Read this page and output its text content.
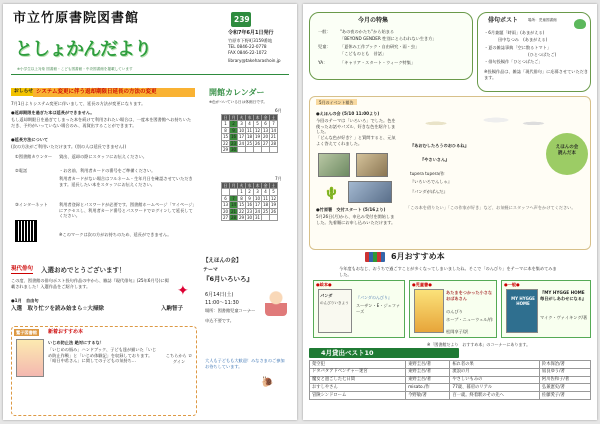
市立竹原書院図書館	239
としょかんだより
令和7年6月1日発行
竹原市下野町3159番地
TEL 0846-22-0778
FAX 0846-22-1072
library@takeharashoin.jp
※小学生以上対象 図書館・こども図書館・中央図書館を掲載しています
おしらせ システム変更に伴う返却期限日延長の方法の変更
7月1日よりシステム変更に伴いまして、延長の方法が変更になります。
●返却期限を過ぎた本は延長ができません。
もし返却期限日を過ぎてしまった本を続けて利用されたい場合は、一度本を図書館へお持ちいただき、予約がいっていない場合のみ、再貸出することができます。
●延長方法について
(次の方法がご利用いただけます。(別の人は延長できません))
①図書館カウンター 貸出、返却の際にスタッフにお伝えください。
②電話	・お名前、利用者カードの番号をご準備ください。
利用者カードがない場合はフルネーム・生年月日を確認させていただきます。延長したい本をスタッフにお伝えください。
③インターネット	利用者登録とパスワードが必要です。図書館ホームページ「マイページ」にアクセスし、利用者カード番号とパスワードでログインして延長してください。
※このマークは次の方がお持ちのため、延長ができません。
開館カレンダー
※色がついている日は休館日です。
6月
日	月	火	水	木	金	土
1	2	3	4	5	6	7
8	9	10	11	12	13	14
15	16	17	18	19	20	21
22	23	24	25	26	27	28
29	30					
7月
日	月	火	水	木	金	土
		1	2	3	4	5
6	7	8	9	10	11	12
13	14	15	16	17	18	19
20	21	22	23	24	25	26
27	28	29	30	31		
現代俳句 入選おめでとうございます！
この度、図書館の俳句ポスト投句作品の中から、雑誌『現代俳句』(25年6月号)に掲載されました！入選作品をご紹介します。
●1月　自由句
入選　取り忙ツを読み始まら☆大掃除	入駒智子
✦
鷺子図書館	新着おすすめ本
いじめ防止法 絶対にするな！
「いじめの悩み」ハンドブック、子ども達が描いた「いじめ防止作戦」と「いじめ体験記」を収録しております。「暗日中希さん」に関しての子どもの気持ち…
こちらから ログイン
【えほんの会】
テーマ
『6月いろいろ』
6月14日(土)
11:00～11:30
場所：図書館児童コーナー
申込不要です。
大人も子どもも大歓迎！みなさまのご参加お待ちしています。
🐌
今月の特集
一般： "あの夜のかたち"から始まる
「BEYOND GENDER 性別にとらわれない生き方」
児童： 「夏休み工作ブック・自由研究・雨・虫」
「こどものとも　昔話」
YA：	「キャリア・スタート・ウィーク特集」
俳句ポスト	場所：児童図書館
・6月兼題「時雨」(あまがえる)
田中なつみ　(あまがえる)
・夏の雑誌事典「空に散るトマト」
(ひとつばたご)
・俳句投稿作「ひとつばたご」
※投稿作品は、雑誌「現代俳句」に応募させていただきます。
5月のイベント報告
●えほんの会 (5/10 11:00より)
今回のテーマは「いろいろ」でした。色を使ったお話やパズル、好きな色を紹介しました。
「どんな色が好き？」と質問すると、元気よく答えてくれました。
🌵
●竹原署　交付スタート (5/16より)
5月26日(月)から、申込み受付を開始しました。先着順にお申し込みいただけます。
えほんの会　読んだ本
『あおむしたろうのおひるね』
『やさいさん』
tupera tupera/作
『いろいろでんしゃ』
『パンダがぱんだ』
「この本を借りたい」「この作家が好き」など、お気軽にスタッフへ声をかけてください。
6月おすすめ本
今年度もおなじ、おうちで過ごすことが多くなってしまいましたね。そこで「のんびり」をテーマに本を集めてみました。
●絵本●
パンダ
のんびりいきよう
『パンダのんびり』
スーザン・E・ジェファーズ
●児童書●
あたまをつかった小さなおばあさん
のんびり
ホープ・ニューウェル/作
松岡享子/訳
●一般●
MY HYGGE HOME
『MY HYGGE HOME 毎日がしあわせになる』
マイク・ヴァイキング/著
※「図書館だより　おすすめ本」のコーナーにあります。
4月貸出ベスト10
架空犯	東野圭吾/著	柘れ者の果	鈴木保冶/著
ドタバタアドベンチャー迷宮	東野圭吾/著	流浪の月	凪良ゆう/著
魔女と過ごした七日間	東野圭吾/著	やさしいもみの	阿川佐和子/著
おすしやさん	misato./作	77歳、暮府のリアル	弘兼憲史/著
冒険シンドローム	今野敏/著	百一歳。終着駅のその先へ	佐藤愛子/著
